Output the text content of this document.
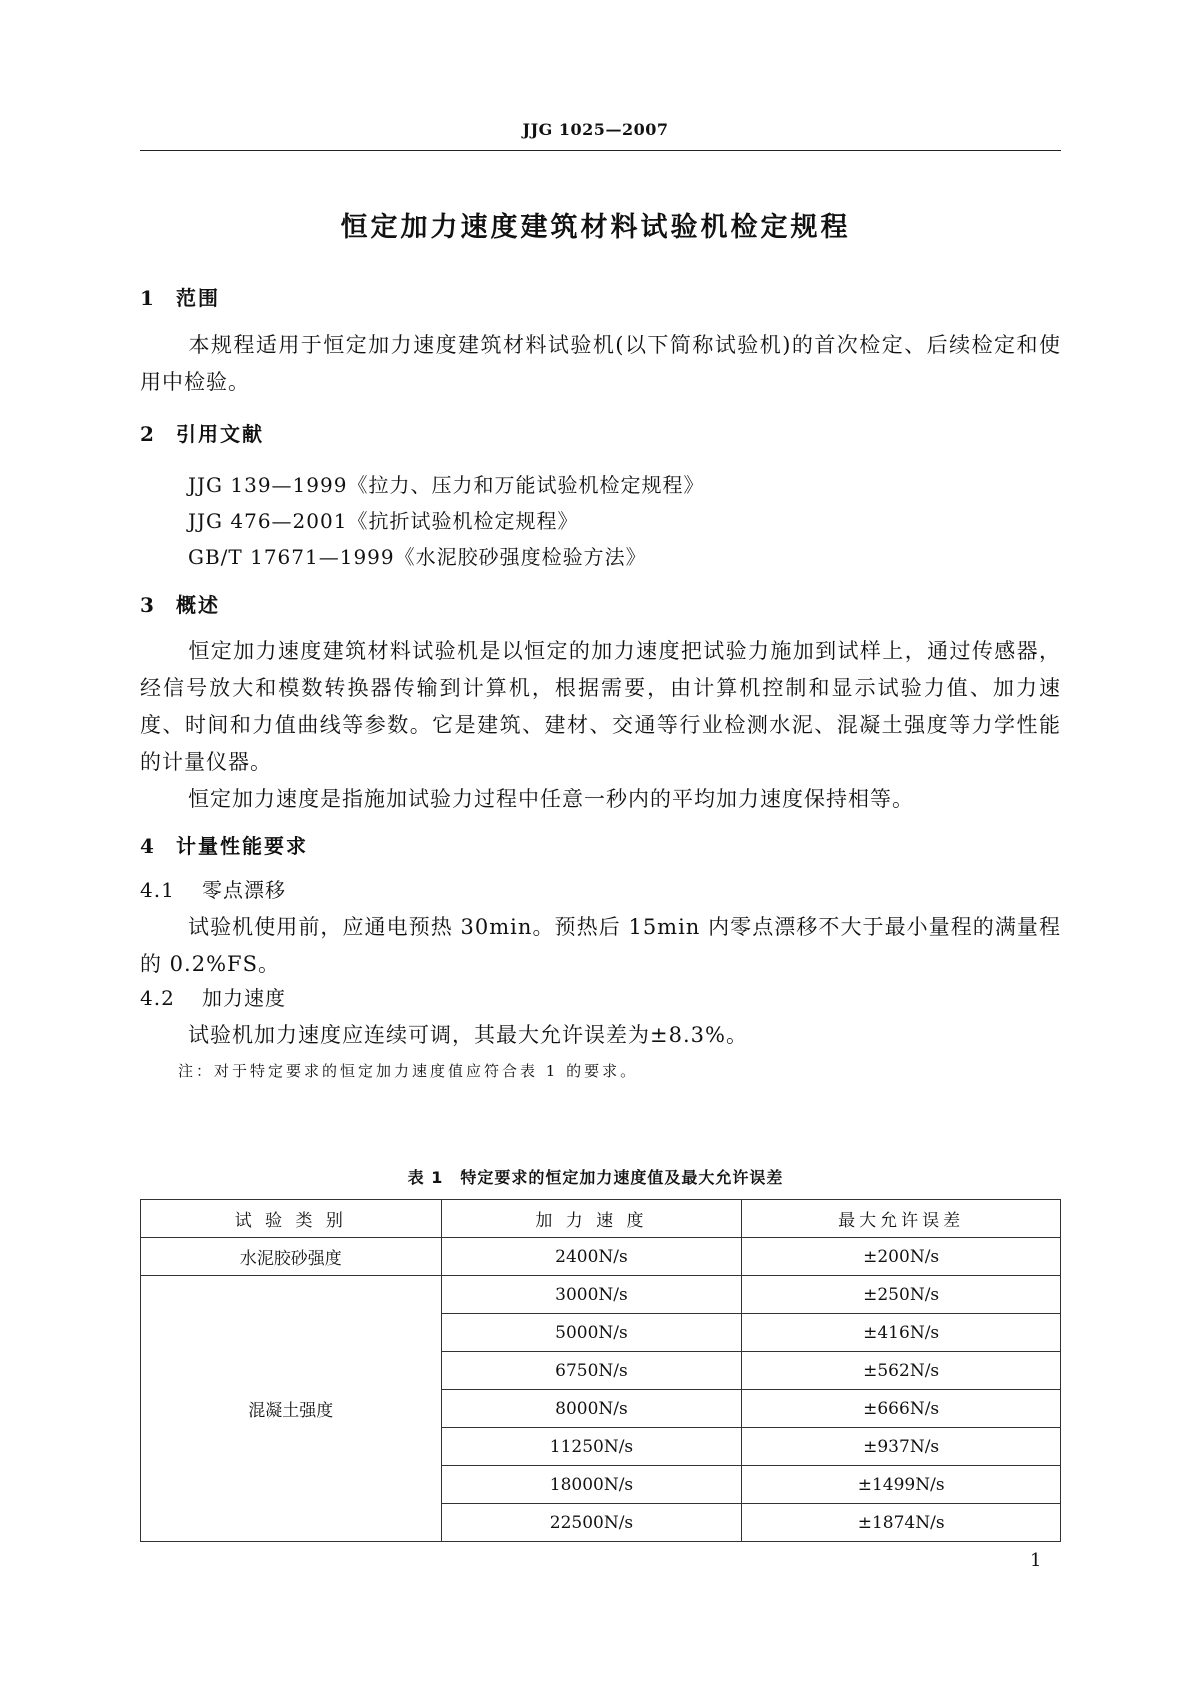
JJG 1025—2007
恒定加力速度建筑材料试验机检定规程
1 范围
本规程适用于恒定加力速度建筑材料试验机(以下简称试验机)的首次检定、后续检定和使用中检验。
2 引用文献
JJG 139—1999《拉力、压力和万能试验机检定规程》
JJG 476—2001《抗折试验机检定规程》
GB/T 17671—1999《水泥胶砂强度检验方法》
3 概述
恒定加力速度建筑材料试验机是以恒定的加力速度把试验力施加到试样上，通过传感器，经信号放大和模数转换器传输到计算机，根据需要，由计算机控制和显示试验力值、加力速度、时间和力值曲线等参数。它是建筑、建材、交通等行业检测水泥、混凝土强度等力学性能的计量仪器。
恒定加力速度是指施加试验力过程中任意一秒内的平均加力速度保持相等。
4 计量性能要求
4.1 零点漂移
试验机使用前，应通电预热 30min。预热后 15min 内零点漂移不大于最小量程的满量程的 0.2%FS。
4.2 加力速度
试验机加力速度应连续可调，其最大允许误差为±8.3%。
注：对于特定要求的恒定加力速度值应符合表 1 的要求。
表 1　特定要求的恒定加力速度值及最大允许误差
试 验 类 别	加 力 速 度	最大允许误差
水泥胶砂强度	2400N/s	±200N/s
混凝土强度	3000N/s	±250N/s
	5000N/s	±416N/s
	6750N/s	±562N/s
	8000N/s	±666N/s
	11250N/s	±937N/s
	18000N/s	±1499N/s
	22500N/s	±1874N/s
1
